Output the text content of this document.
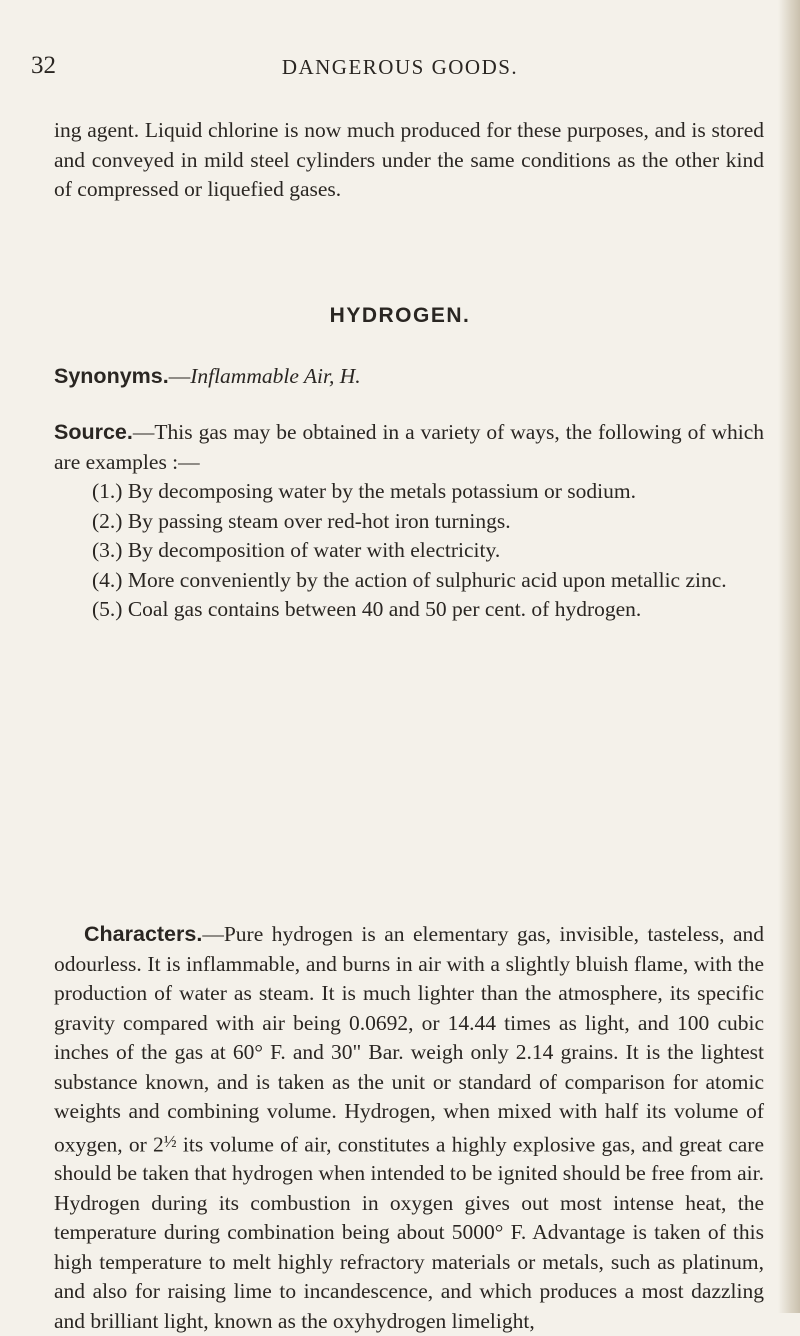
32	DANGEROUS GOODS.

ing agent. Liquid chlorine is now much produced for these purposes, and is stored and conveyed in mild steel cylinders under the same conditions as the other kind of compressed or liquefied gases.

HYDROGEN.

Synonyms.—Inflammable Air, H.

Source.—This gas may be obtained in a variety of ways, the following of which are examples :—

(1.) By decomposing water by the metals potassium or sodium.
(2.) By passing steam over red-hot iron turnings.
(3.) By decomposition of water with electricity.
(4.) More conveniently by the action of sulphuric acid upon metallic zinc.
(5.) Coal gas contains between 40 and 50 per cent. of hydrogen.

Characters.—Pure hydrogen is an elementary gas, invisible, tasteless, and odourless. It is inflammable, and burns in air with a slightly bluish flame, with the production of water as steam. It is much lighter than the atmosphere, its specific gravity compared with air being 0.0692, or 14.44 times as light, and 100 cubic inches of the gas at 60° F. and 30" Bar. weigh only 2.14 grains. It is the lightest substance known, and is taken as the unit or standard of comparison for atomic weights and combining volume. Hydrogen, when mixed with half its volume of oxygen, or $2^{\frac{1}{2}}$ its volume of air, constitutes a highly explosive gas, and great care should be taken that hydrogen when intended to be ignited should be free from air. Hydrogen during its combustion in oxygen gives out most intense heat, the temperature during combination being about 5000° F. Advantage is taken of this high temperature to melt highly refractory materials or metals, such as platinum, and also for raising lime to incandescence, and which produces a most dazzling and brilliant light, known as the oxyhydrogen limelight,
